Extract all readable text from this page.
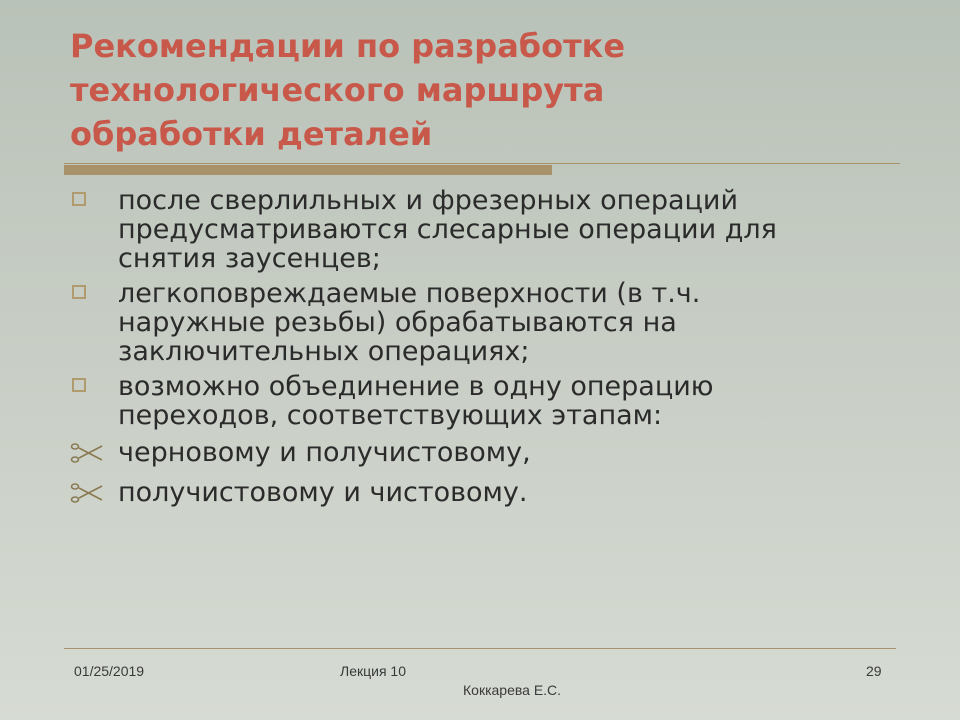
Рекомендации по разработке
технологического маршрута
обработки деталей
после сверлильных и фрезерных операций
предусматриваются слесарные операции для
снятия заусенцев;
легкоповреждаемые поверхности (в т.ч.
наружные резьбы) обрабатываются на
заключительных операциях;
возможно объединение в одну операцию
переходов, соответствующих этапам:
черновому и получистовому,
получистовому и чистовому.
01/25/2019	Лекция 10
Коккарева Е.С.
29
